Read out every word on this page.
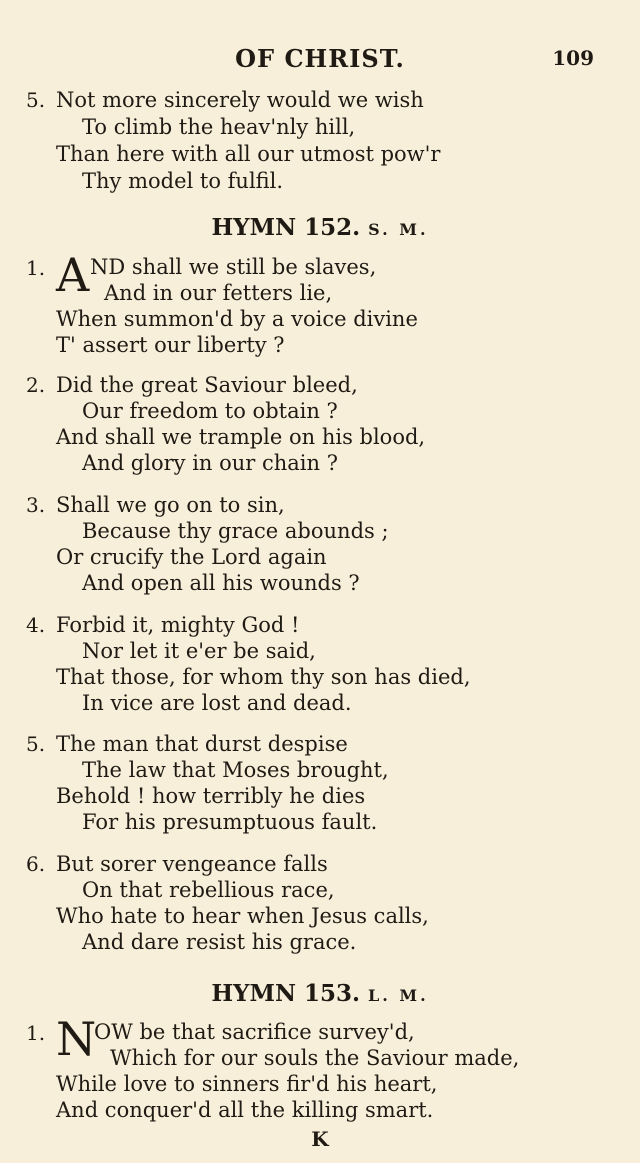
OF CHRIST.	109
5. Not more sincerely would we wish
To climb the heav'nly hill,
Than here with all our utmost pow'r
Thy model to fulfil.
HYMN 152. S. M.
1. A ND shall we still be slaves,
And in our fetters lie,
When summon'd by a voice divine
T' assert our liberty ?
2. Did the great Saviour bleed,
Our freedom to obtain ?
And shall we trample on his blood,
And glory in our chain ?
3. Shall we go on to sin,
Because thy grace abounds ;
Or crucify the Lord again
And open all his wounds ?
4. Forbid it, mighty God !
Nor let it e'er be said,
That those, for whom thy son has died,
In vice are lost and dead.
5. The man that durst despise
The law that Moses brought,
Behold ! how terribly he dies
For his presumptuous fault.
6. But sorer vengeance falls
On that rebellious race,
Who hate to hear when Jesus calls,
And dare resist his grace.
HYMN 153. L. M.
1. N
OW be that sacrifice survey'd,
Which for our souls the Saviour made,
While love to sinners fir'd his heart,
And conquer'd all the killing smart.
K
